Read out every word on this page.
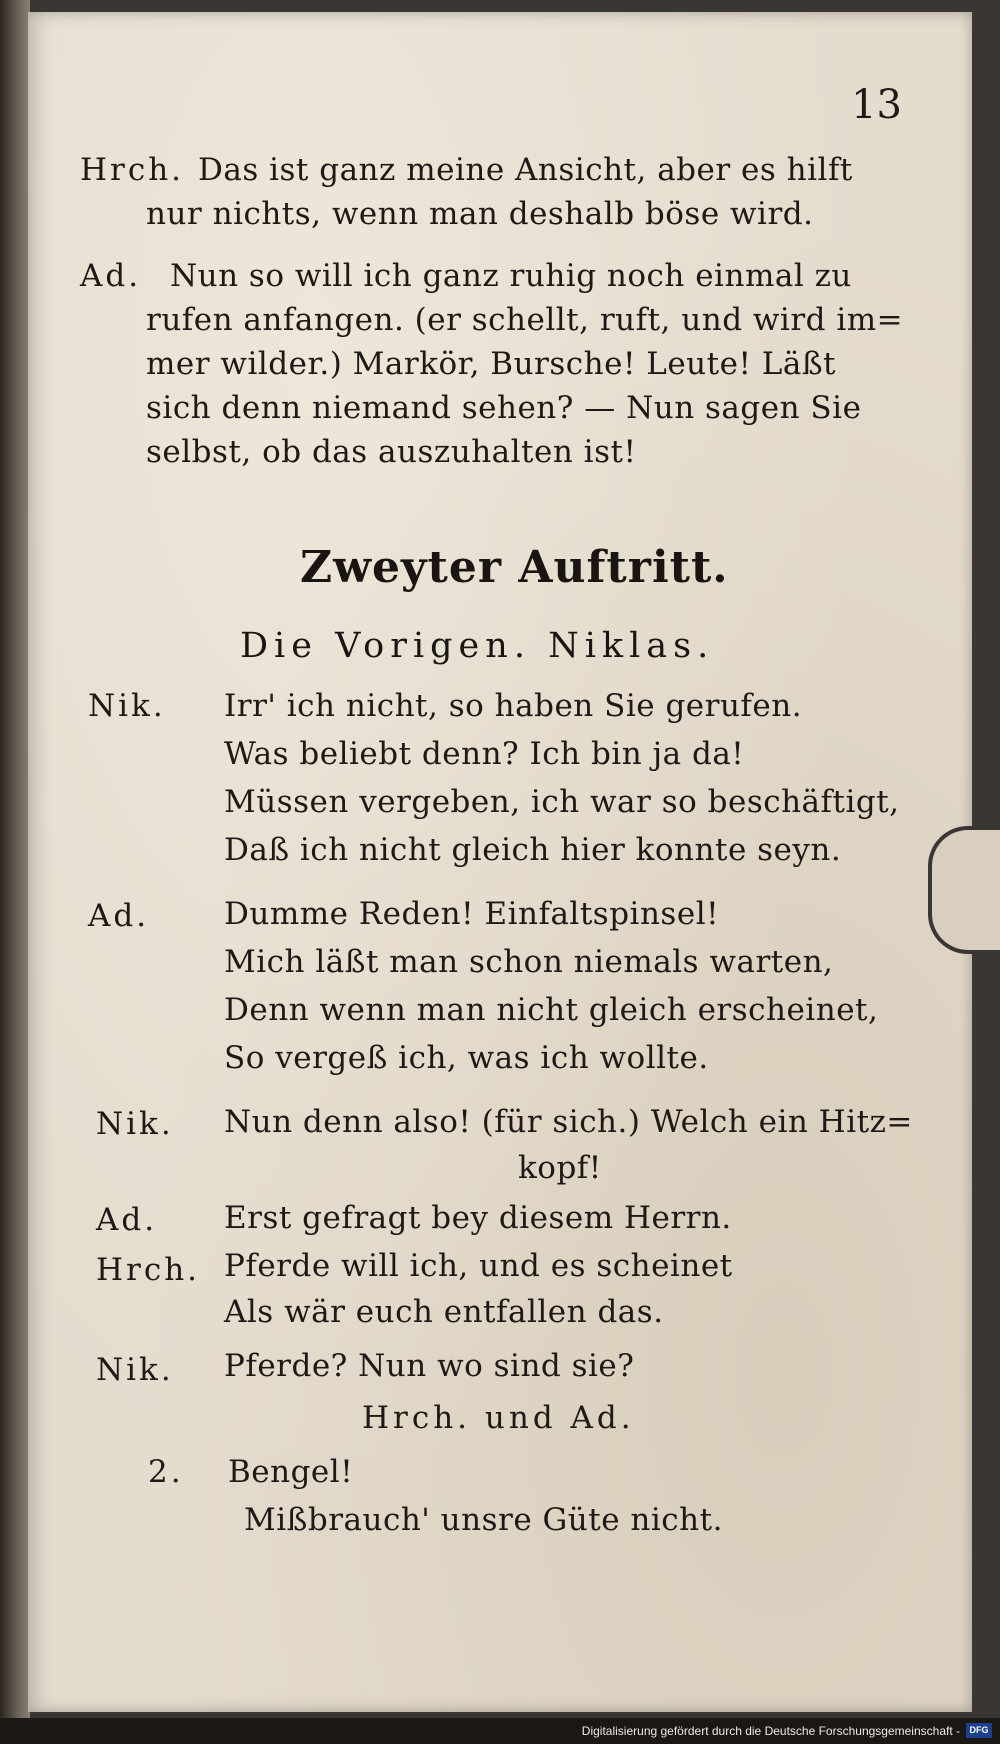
13
Hrch. Das ist ganz meine Ansicht, aber es hilft
nur nichts, wenn man deshalb böse wird.
Ad. Nun so will ich ganz ruhig noch einmal zu
rufen anfangen. (er schellt, ruft, und wird im=
mer wilder.) Markör, Bursche! Leute! Läßt
sich denn niemand sehen? — Nun sagen Sie
selbst, ob das auszuhalten ist!
Zweyter Auftritt.
Die Vorigen. Niklas.
Nik. Irr' ich nicht, so haben Sie gerufen.
Was beliebt denn? Ich bin ja da!
Müssen vergeben, ich war so beschäftigt,
Daß ich nicht gleich hier konnte seyn.
Ad. Dumme Reden! Einfaltspinsel!
Mich läßt man schon niemals warten,
Denn wenn man nicht gleich erscheinet,
So vergeß ich, was ich wollte.
Nik. Nun denn also! (für sich.) Welch ein Hitz=
kopf!
Ad. Erst gefragt bey diesem Herrn.
Hrch. Pferde will ich, und es scheinet
Als wär euch entfallen das.
Nik. Pferde? Nun wo sind sie?
Hrch. und Ad.
2. Bengel!
Mißbrauch' unsre Güte nicht.
Digitalisierung gefördert durch die Deutsche Forschungsgemeinschaft -	DFG
